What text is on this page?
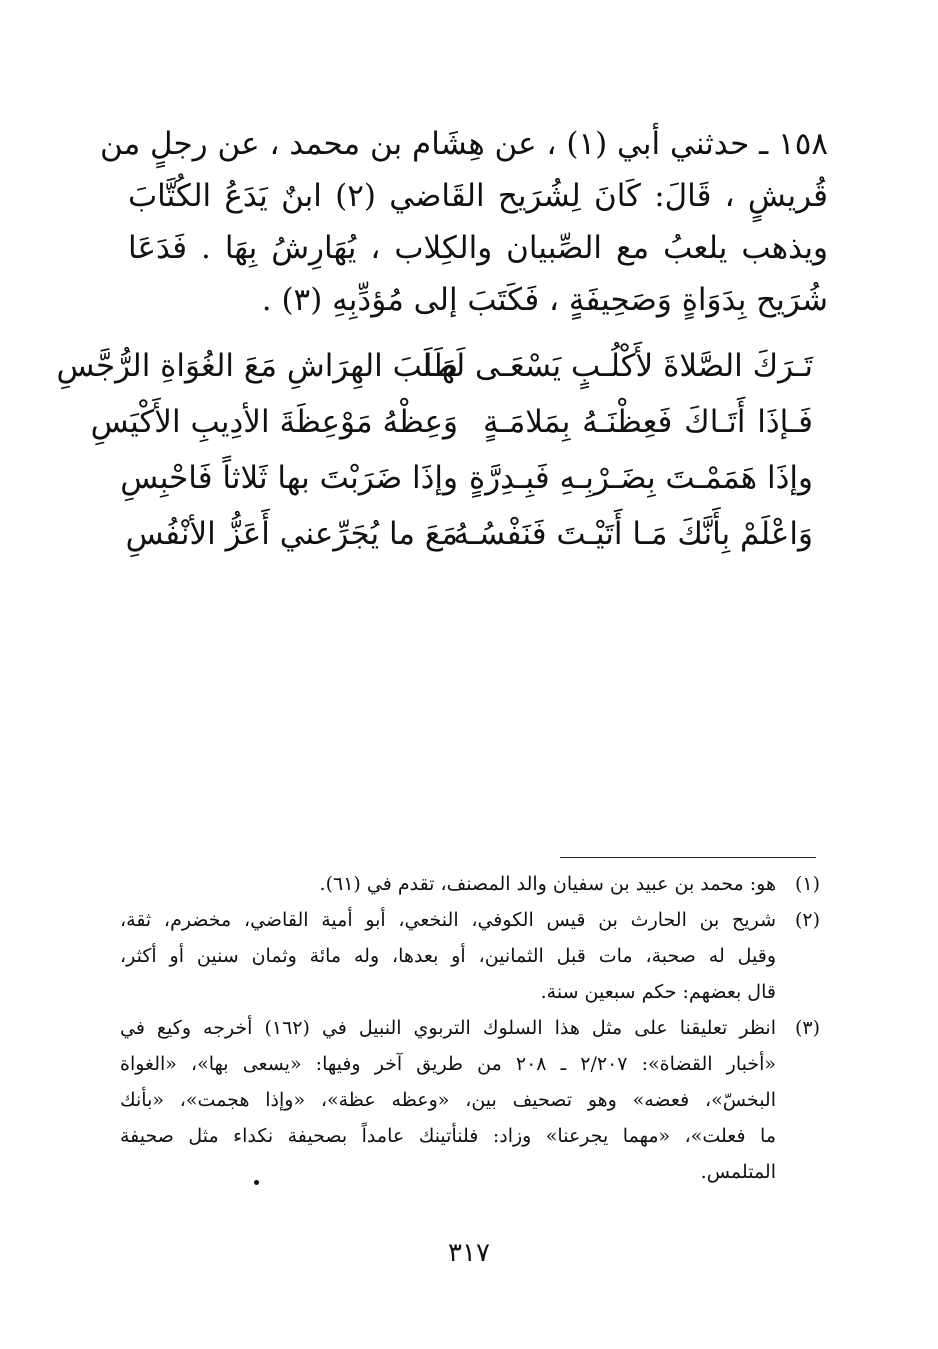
١٥٨ ـ حدثني أبي (١) ، عن هِشَام بن محمد ، عن رجلٍ من
قُريشٍ ، قَالَ: كَانَ لِشُرَيح القَاضي (٢) ابنٌ يَدَعُ الكُتَّابَ
ويذهب يلعبُ مع الصِّبيان والكِلاب ، يُهَارِشُ بِهَا . فَدَعَا
شُرَيح بِدَوَاةٍ وَصَحِيفَةٍ ، فَكَتَبَ إلى مُؤدِّبِهِ (٣) .
تَـرَكَ الصَّلاةَ لأَكْلُـبٍ يَسْعَـى لَهَـا
طَلَبَ الهِرَاشِ مَعَ الغُوَاةِ الرُّجَّسِ
فَـإذَا أَتَـاكَ فَعِظْنَـهُ بِمَلامَـةٍ
وَعِظْهُ مَوْعِظَةَ الأدِيبِ الأَكْيَسِ
وإذَا هَمَمْـتَ بِضَـرْبِـهِ فَبِـدِرَّةٍ
وإذَا ضَرَبْتَ بها ثَلاثاً فَاحْبِسِ
وَاعْلَمْ بِأَنَّكَ مَـا أَتَيْـتَ فَنَفْسُـهُ
مَعَ ما يُجَرِّعني أَعَزُّ الأنْفُسِ
(١)
هو: محمد بن عبيد بن سفيان والد المصنف، تقدم في (٦١).
(٢)
شريح بن الحارث بن قيس الكوفي، النخعي، أبو أمية القاضي، مخضرم، ثقة،
وقيل له صحبة، مات قبل الثمانين، أو بعدها، وله مائة وثمان سنين أو أكثر،
قال بعضهم: حكم سبعين سنة.
(٣)
انظر تعليقنا على مثل هذا السلوك التربوي النبيل في (١٦٢) أخرجه وكيع في
«أخبار القضاة»: ٢/٢٠٧ ـ ٢٠٨ من طريق آخر وفيها: «يسعى بها»، «الغواة
البخسّ»، فعضه» وهو تصحيف بين، «وعظه عظة»، «وإذا هجمت»، «بأنك
ما فعلت»، «مهما يجرعنا» وزاد: فلنأتينك عامداً بصحيفة نكداء مثل صحيفة
المتلمس.
٣١٧
